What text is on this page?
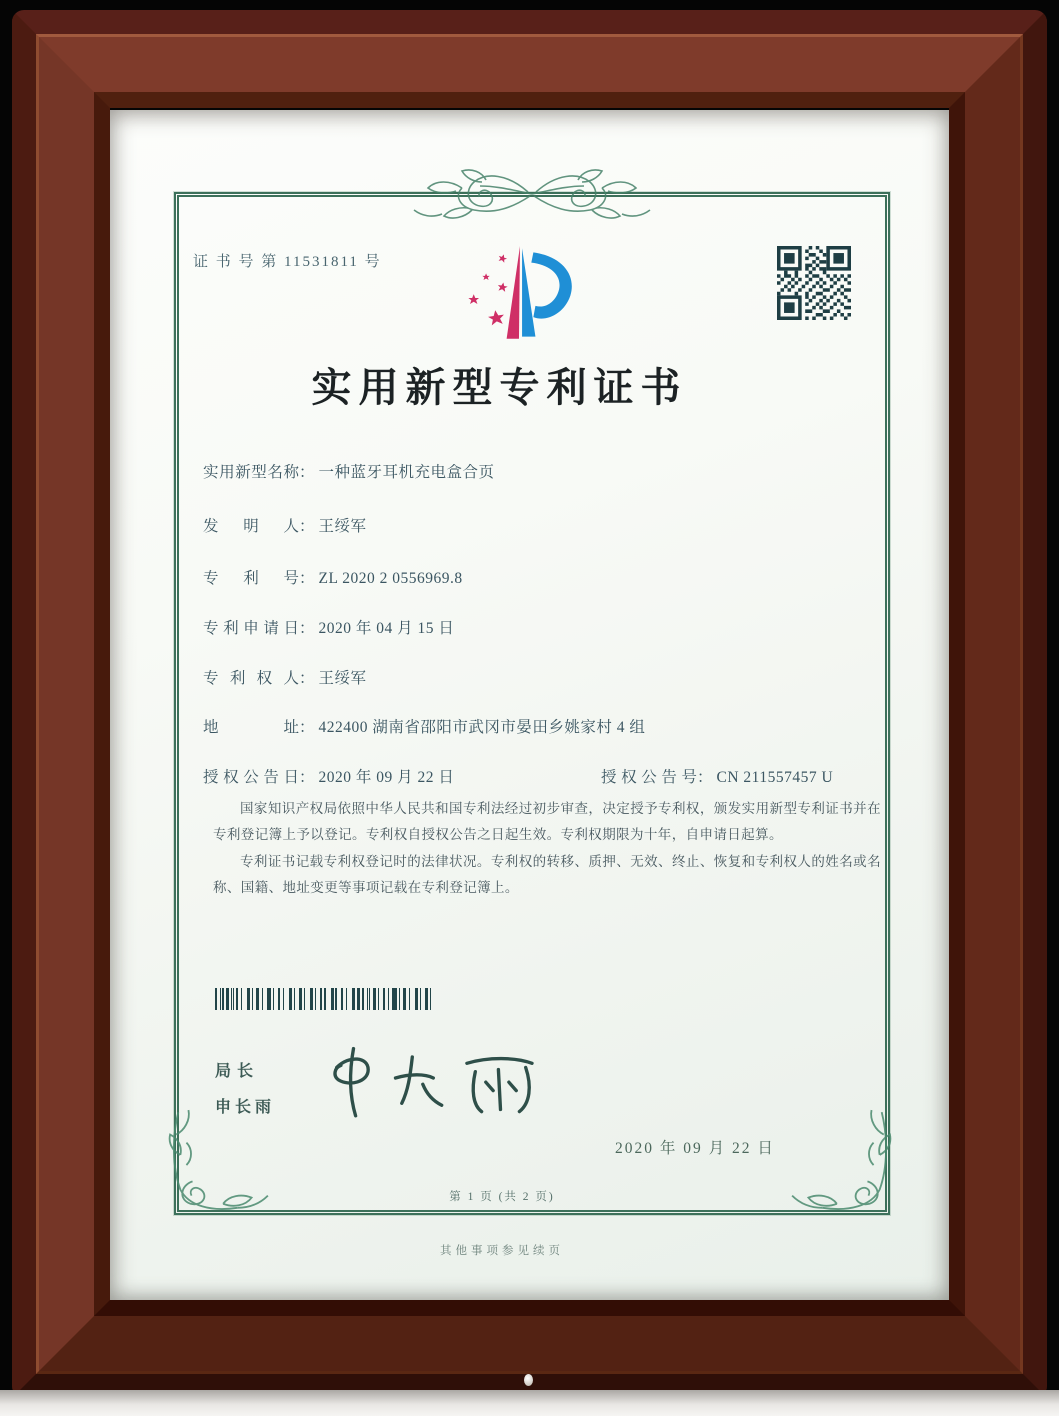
证 书 号 第 11531811 号
实用新型专利证书
实用新型名称： 一种蓝牙耳机充电盒合页
发明人： 王绥军
专利号： ZL 2020 2 0556969.8
专利申请日： 2020 年 04 月 15 日
专利权人： 王绥军
地址： 422400 湖南省邵阳市武冈市晏田乡姚家村 4 组
授权公告日： 2020 年 09 月 22 日	授权公告号： CN 211557457 U

国家知识产权局依照中华人民共和国专利法经过初步审查，决定授予专利权，颁发实用新型专利证书并在专利登记簿上予以登记。专利权自授权公告之日起生效。专利权期限为十年，自申请日起算。

专利证书记载专利权登记时的法律状况。专利权的转移、质押、无效、终止、恢复和专利权人的姓名或名称、国籍、地址变更等事项记载在专利登记簿上。

局长
申长雨
2020 年 09 月 22 日
第 1 页 (共 2 页)
其他事项参见续页
